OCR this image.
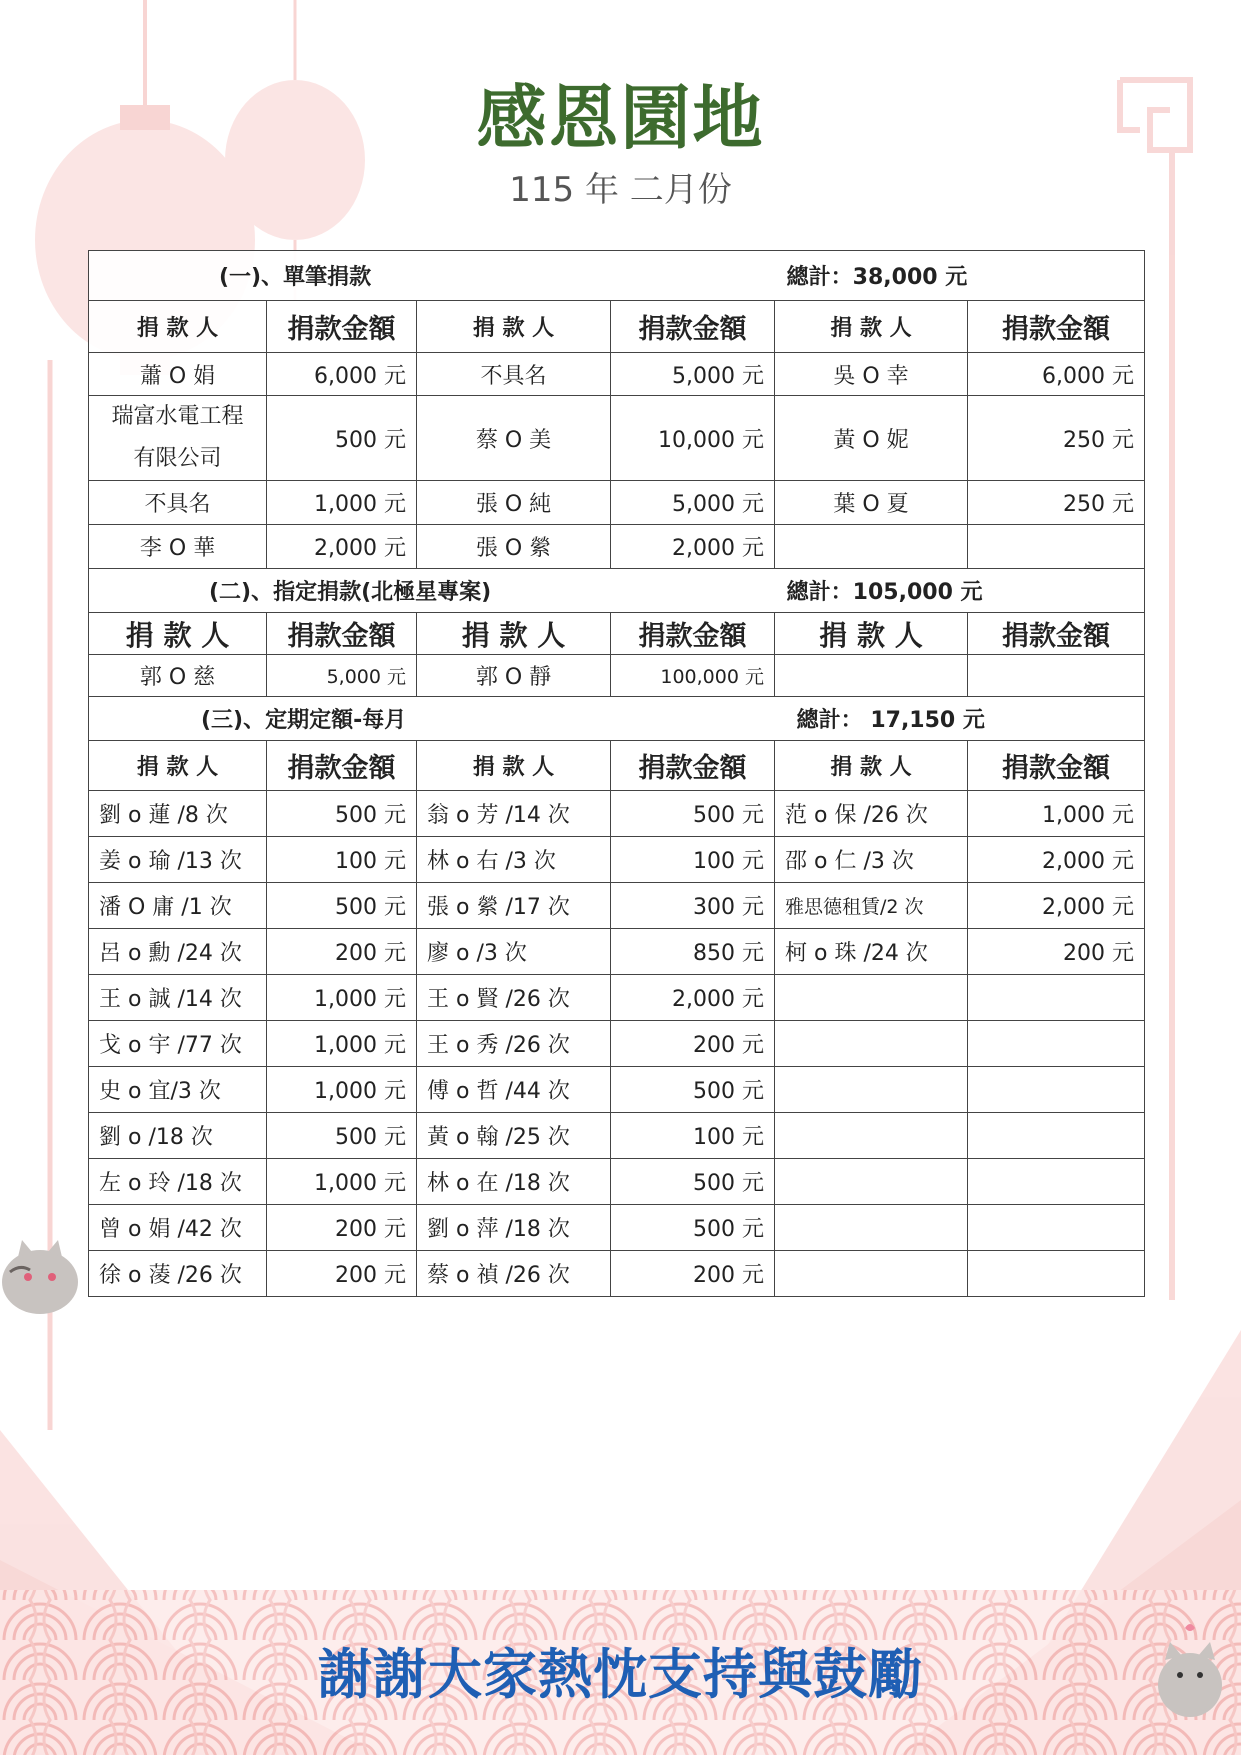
感恩園地
115 年 二月份
(一)、單筆捐款 總計：38,000 元					
捐 款 人	捐款金額	捐 款 人	捐款金額	捐 款 人	捐款金額
蕭 O 娟	6,000 元	不具名	5,000 元	吳 O 幸	6,000 元
瑞富水電工程 有限公司	500 元	蔡 O 美	10,000 元	黃 O 妮	250 元
不具名	1,000 元	張 O 純	5,000 元	葉 O 夏	250 元
李 O 華	2,000 元	張 O 縈	2,000 元		
(二)、指定捐款(北極星專案) 總計：105,000 元					
捐 款 人	捐款金額	捐 款 人	捐款金額	捐 款 人	捐款金額
郭 O 慈	5,000 元	郭 O 靜	100,000 元		
(三)、定期定額-每月 總計： 17,150 元					
捐 款 人	捐款金額	捐 款 人	捐款金額	捐 款 人	捐款金額
劉 o 蓮 /8 次	500 元	翁 o 芳 /14 次	500 元	范 o 保 /26 次	1,000 元
姜 o 瑜 /13 次	100 元	林 o 右 /3 次	100 元	邵 o 仁 /3 次	2,000 元
潘 O 庸 /1 次	500 元	張 o 縈 /17 次	300 元	雅思德租賃/2 次	2,000 元
呂 o 勳 /24 次	200 元	廖 o /3 次	850 元	柯 o 珠 /24 次	200 元
王 o 誠 /14 次	1,000 元	王 o 賢 /26 次	2,000 元		
戈 o 宇 /77 次	1,000 元	王 o 秀 /26 次	200 元		
史 o 宜/3 次	1,000 元	傅 o 哲 /44 次	500 元		
劉 o /18 次	500 元	黃 o 翰 /25 次	100 元		
左 o 玲 /18 次	1,000 元	林 o 在 /18 次	500 元		
曾 o 娟 /42 次	200 元	劉 o 萍 /18 次	500 元		
徐 o 蓤 /26 次	200 元	蔡 o 禎 /26 次	200 元		
謝謝大家熱忱支持與鼓勵
